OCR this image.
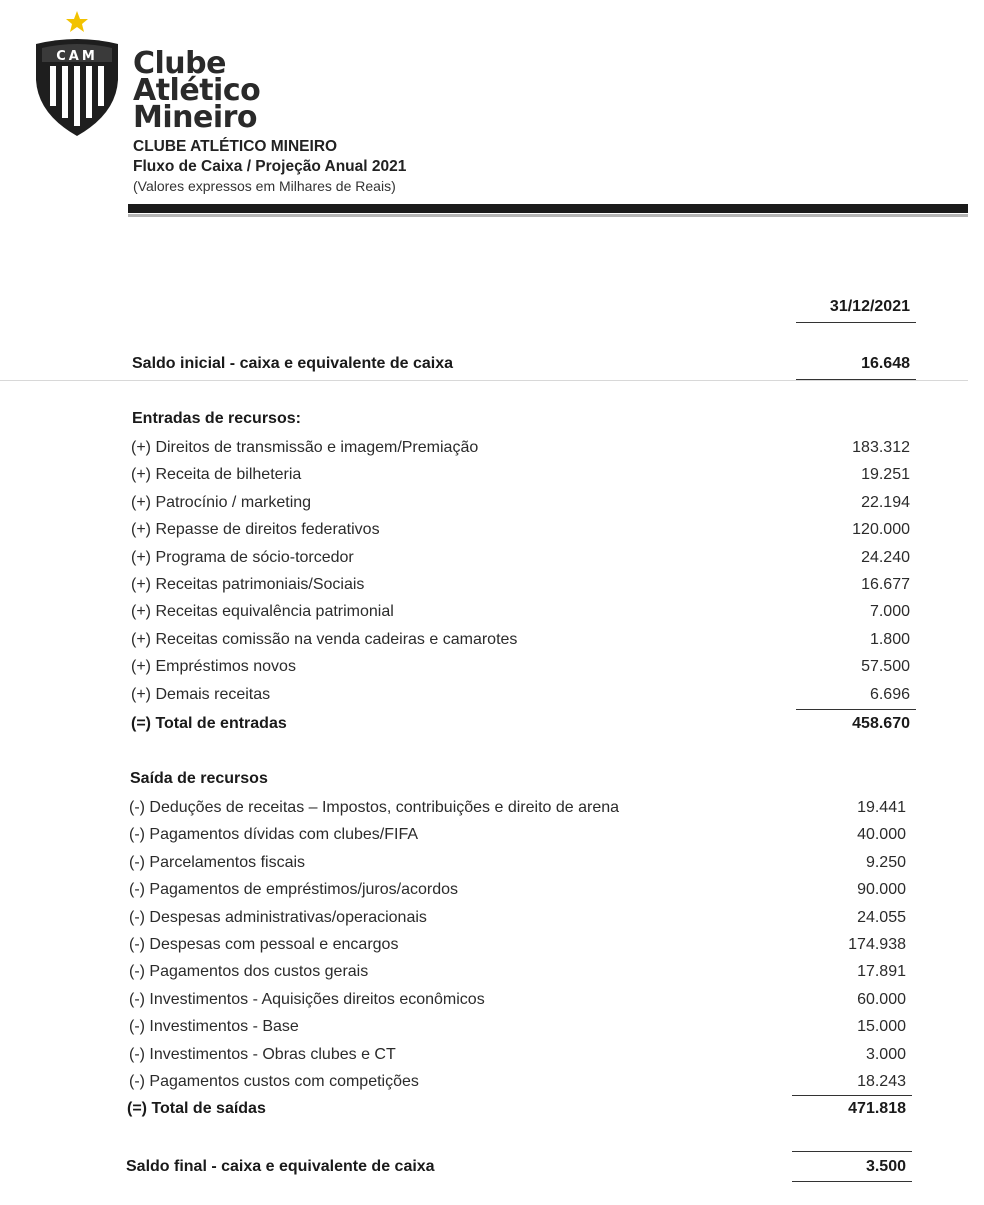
CAM Clube
Atlético
Mineiro
CLUBE ATLÉTICO MINEIRO
Fluxo de Caixa / Projeção Anual 2021
(Valores expressos em Milhares de Reais)
31/12/2021
Saldo inicial - caixa e equivalente de caixa	16.648
Entradas de recursos:
(+) Direitos de transmissão e imagem/Premiação	183.312
(+) Receita de bilheteria	19.251
(+) Patrocínio / marketing	22.194
(+) Repasse de direitos federativos	120.000
(+) Programa de sócio-torcedor	24.240
(+) Receitas patrimoniais/Sociais	16.677
(+) Receitas equivalência patrimonial	7.000
(+) Receitas comissão na venda cadeiras e camarotes	1.800
(+) Empréstimos novos	57.500
(+) Demais receitas	6.696
(=) Total de entradas	458.670
Saída de recursos
(-) Deduções de receitas – Impostos, contribuições e direito de arena	19.441
(-) Pagamentos dívidas com clubes/FIFA	40.000
(-) Parcelamentos fiscais	9.250
(-) Pagamentos de empréstimos/juros/acordos	90.000
(-) Despesas administrativas/operacionais	24.055
(-) Despesas com pessoal e encargos	174.938
(-) Pagamentos dos custos gerais	17.891
(-) Investimentos - Aquisições direitos econômicos	60.000
(-) Investimentos - Base	15.000
(-) Investimentos - Obras clubes e CT	3.000
(-) Pagamentos custos com competições	18.243
(=) Total de saídas	471.818
Saldo final - caixa e equivalente de caixa	3.500
